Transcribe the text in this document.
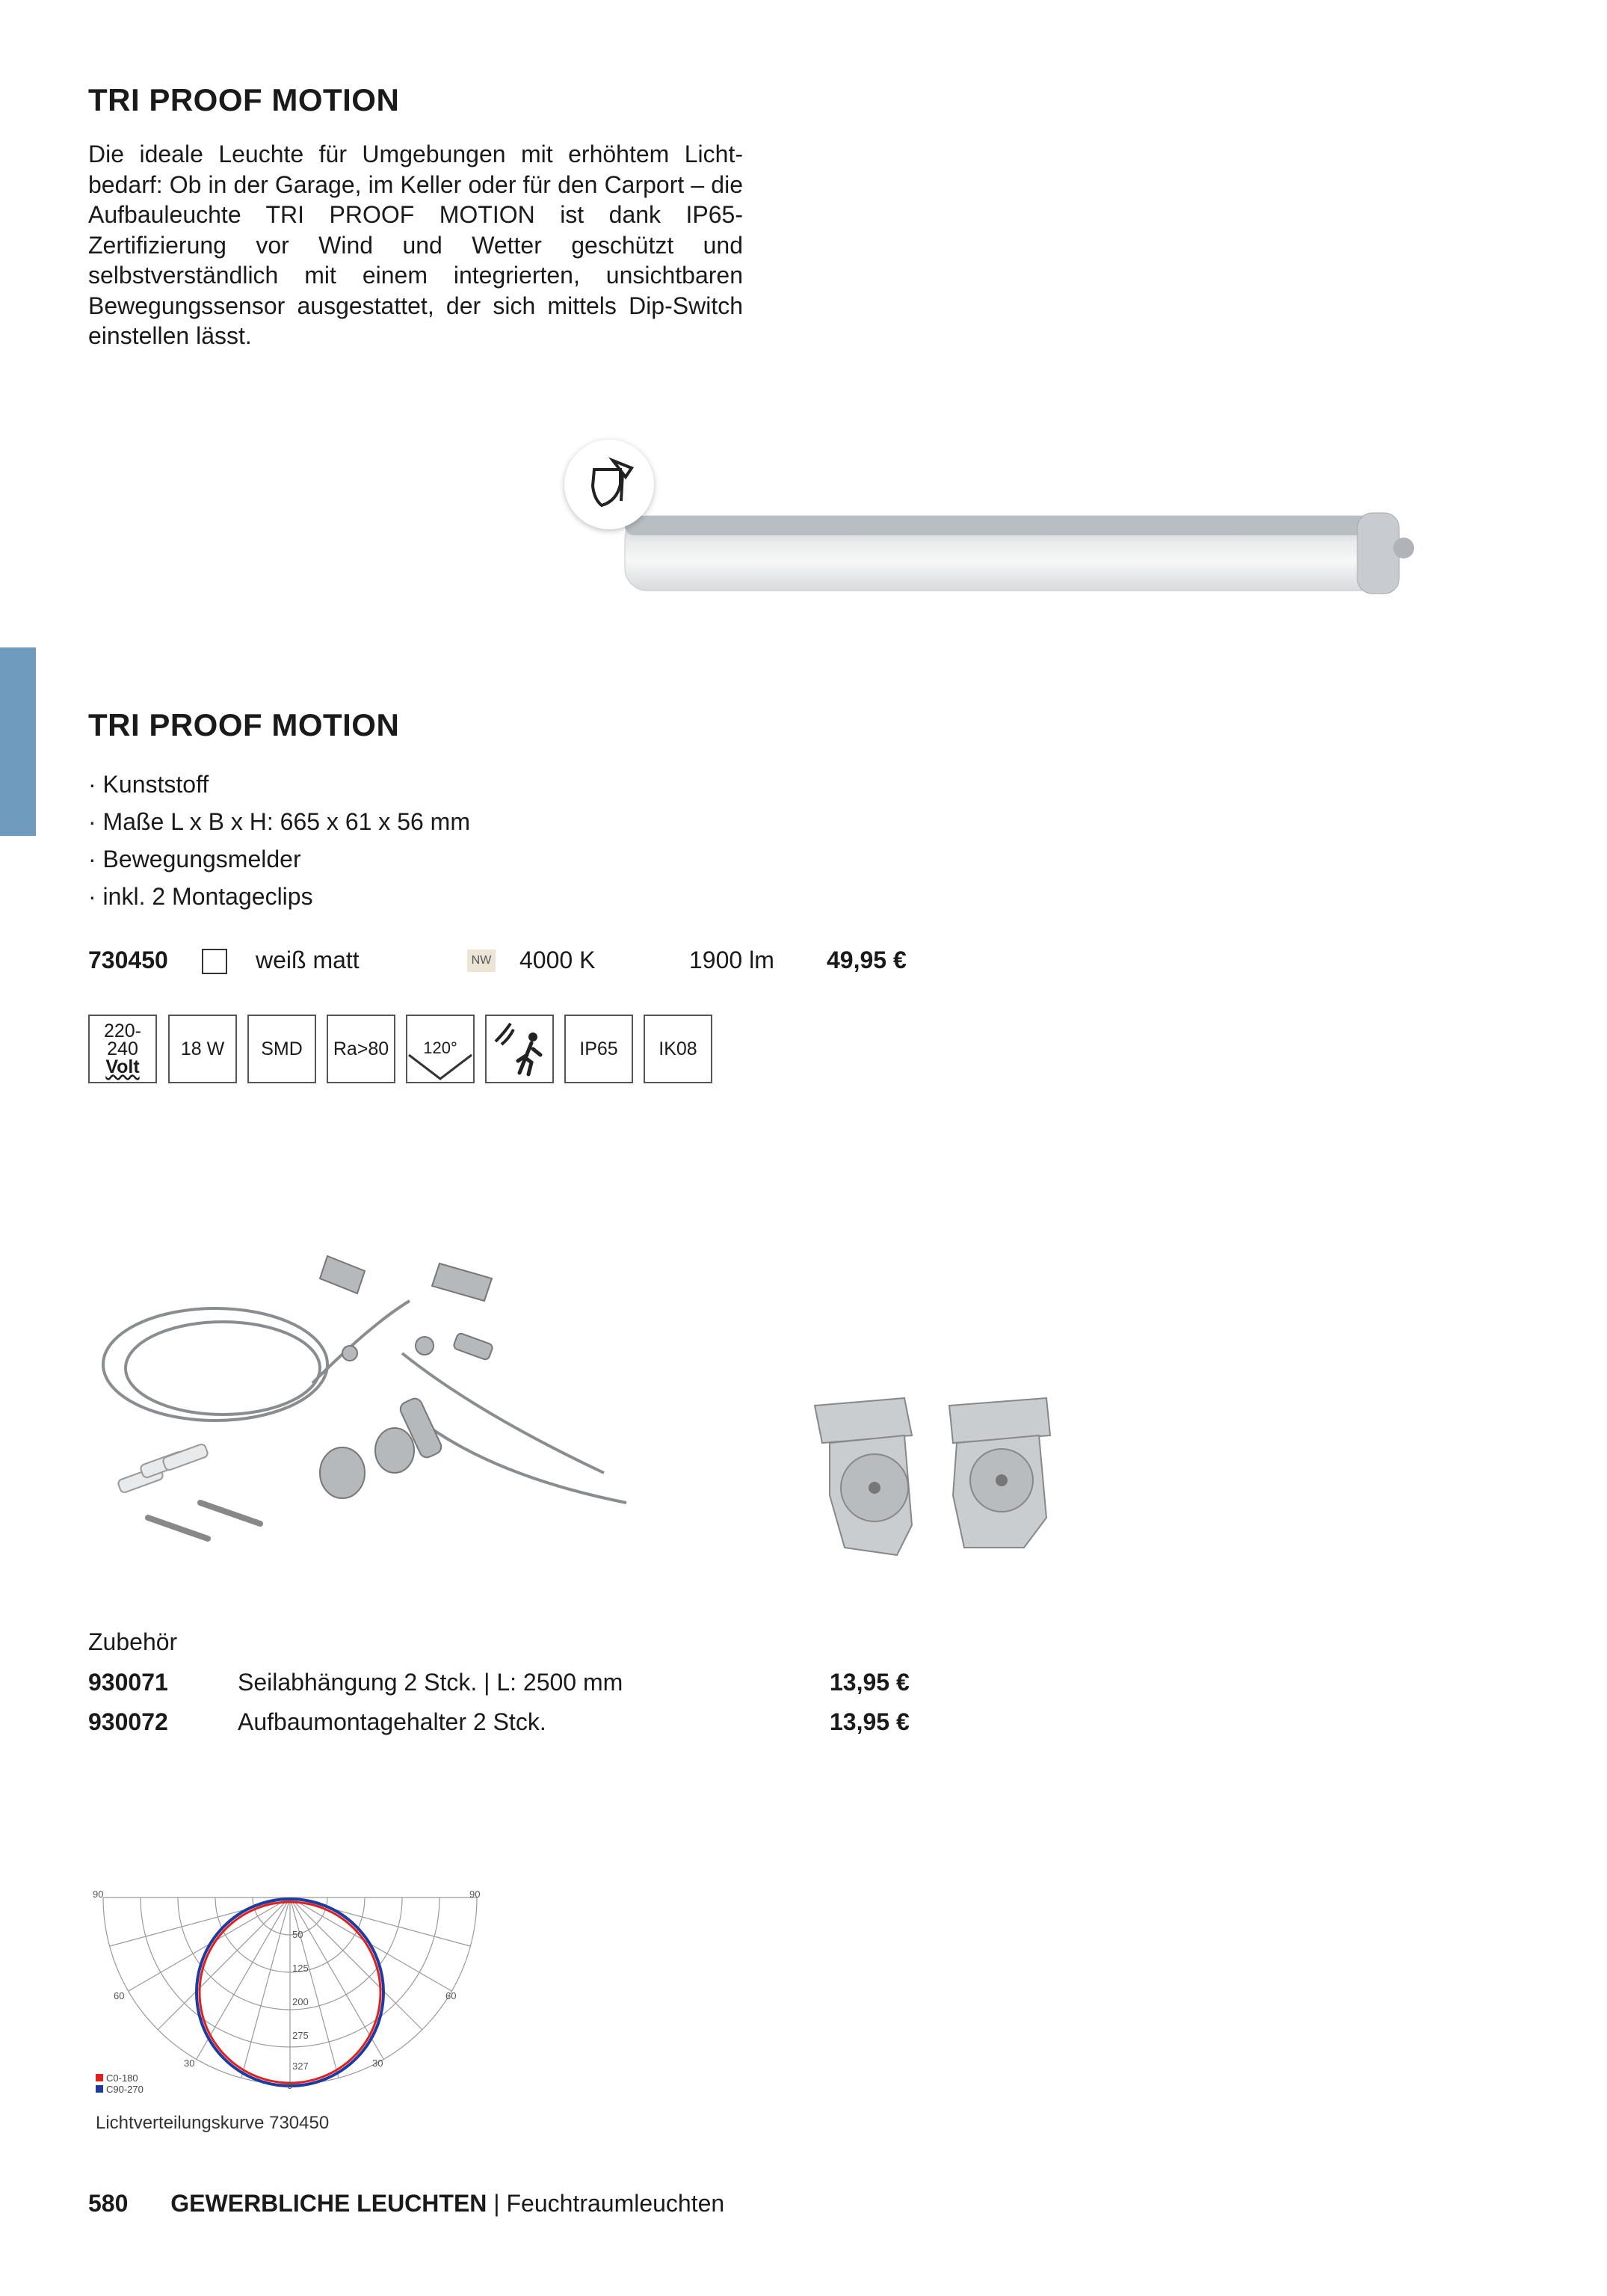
TRI PROOF MOTION
Die ideale Leuchte für Umgebungen mit erhöhtem Licht-bedarf: Ob in der Garage, im Keller oder für den Carport – die Aufbauleuchte TRI PROOF MOTION ist dank IP65-Zertifizierung vor Wind und Wetter geschützt und selbstverständlich mit einem integrierten, unsichtbaren Bewegungssensor ausgestattet, der sich mittels Dip-Switch einstellen lässt.
TRI PROOF MOTION
· Kunststoff
· Maße L x B x H: 665 x 61 x 56 mm
· Bewegungsmelder
· inkl. 2 Montageclips
730450	weiß matt	NW 4000 K	1900 lm 49,95 €
220-240
Volt
18 W	SMD	Ra>80	120°	IP65	IK08
Zubehör
930071	Seilabhängung 2 Stck. | L: 2500 mm	13,95 €
930072	Aufbaumontagehalter 2 Stck.	13,95 €
90	90
60	60
30	30
0
50
125
200
275
327
C0-180
C90-270
Lichtverteilungskurve 730450
580 GEWERBLICHE LEUCHTEN | Feuchtraumleuchten
